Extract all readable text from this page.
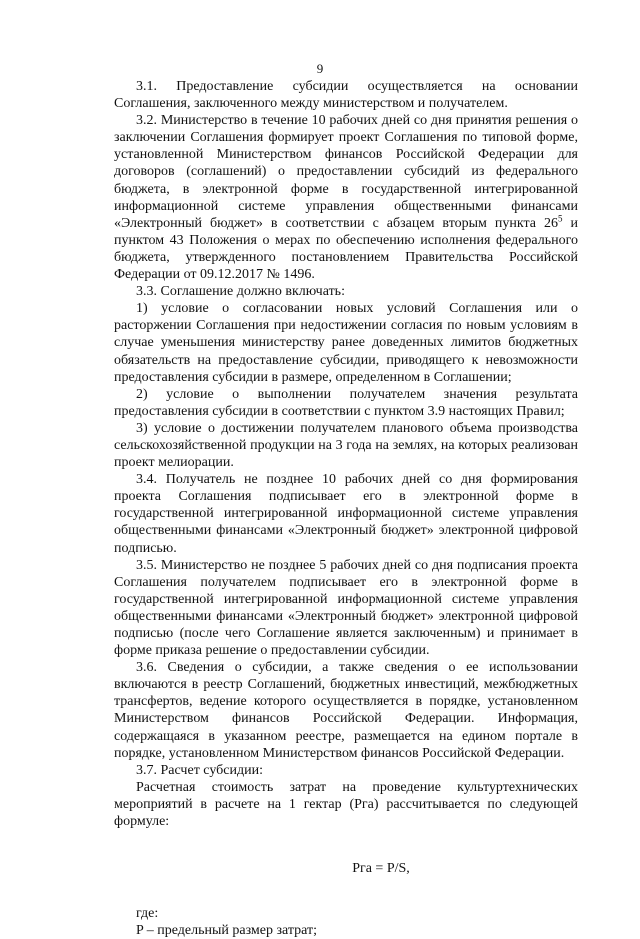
9

3.1. Предоставление субсидии осуществляется на основании Соглашения, заключенного между министерством и получателем.

3.2. Министерство в течение 10 рабочих дней со дня принятия решения о заключении Соглашения формирует проект Соглашения по типовой форме, установленной Министерством финансов Российской Федерации для договоров (соглашений) о предоставлении субсидий из федерального бюджета, в электронной форме в государственной интегрированной информационной системе управления общественными финансами «Электронный бюджет» в соответствии с абзацем вторым пункта $26^5$ и пунктом 43 Положения о мерах по обеспечению исполнения федерального бюджета, утвержденного постановлением Правительства Российской Федерации от 09.12.2017 № 1496.

3.3. Соглашение должно включать:

1) условие о согласовании новых условий Соглашения или о расторжении Соглашения при недостижении согласия по новым условиям в случае уменьшения министерству ранее доведенных лимитов бюджетных обязательств на предоставление субсидии, приводящего к невозможности предоставления субсидии в размере, определенном в Соглашении;

2) условие о выполнении получателем значения результата предоставления субсидии в соответствии с пунктом 3.9 настоящих Правил;

3) условие о достижении получателем планового объема производства сельскохозяйственной продукции на 3 года на землях, на которых реализован проект мелиорации.

3.4. Получатель не позднее 10 рабочих дней со дня формирования проекта Соглашения подписывает его в электронной форме в государственной интегрированной информационной системе управления общественными финансами «Электронный бюджет» электронной цифровой подписью.

3.5. Министерство не позднее 5 рабочих дней со дня подписания проекта Соглашения получателем подписывает его в электронной форме в государственной интегрированной информационной системе управления общественными финансами «Электронный бюджет» электронной цифровой подписью (после чего Соглашение является заключенным) и принимает в форме приказа решение о предоставлении субсидии.

3.6. Сведения о субсидии, а также сведения о ее использовании включаются в реестр Соглашений, бюджетных инвестиций, межбюджетных трансфертов, ведение которого осуществляется в порядке, установленном Министерством финансов Российской Федерации. Информация, содержащаяся в указанном реестре, размещается на едином портале в порядке, установленном Министерством финансов Российской Федерации.

3.7. Расчет субсидии:

Расчетная стоимость затрат на проведение культуртехнических мероприятий в расчете на 1 гектар (Pга) рассчитывается по следующей формуле:

Pга = P/S,

где:

P – предельный размер затрат;
